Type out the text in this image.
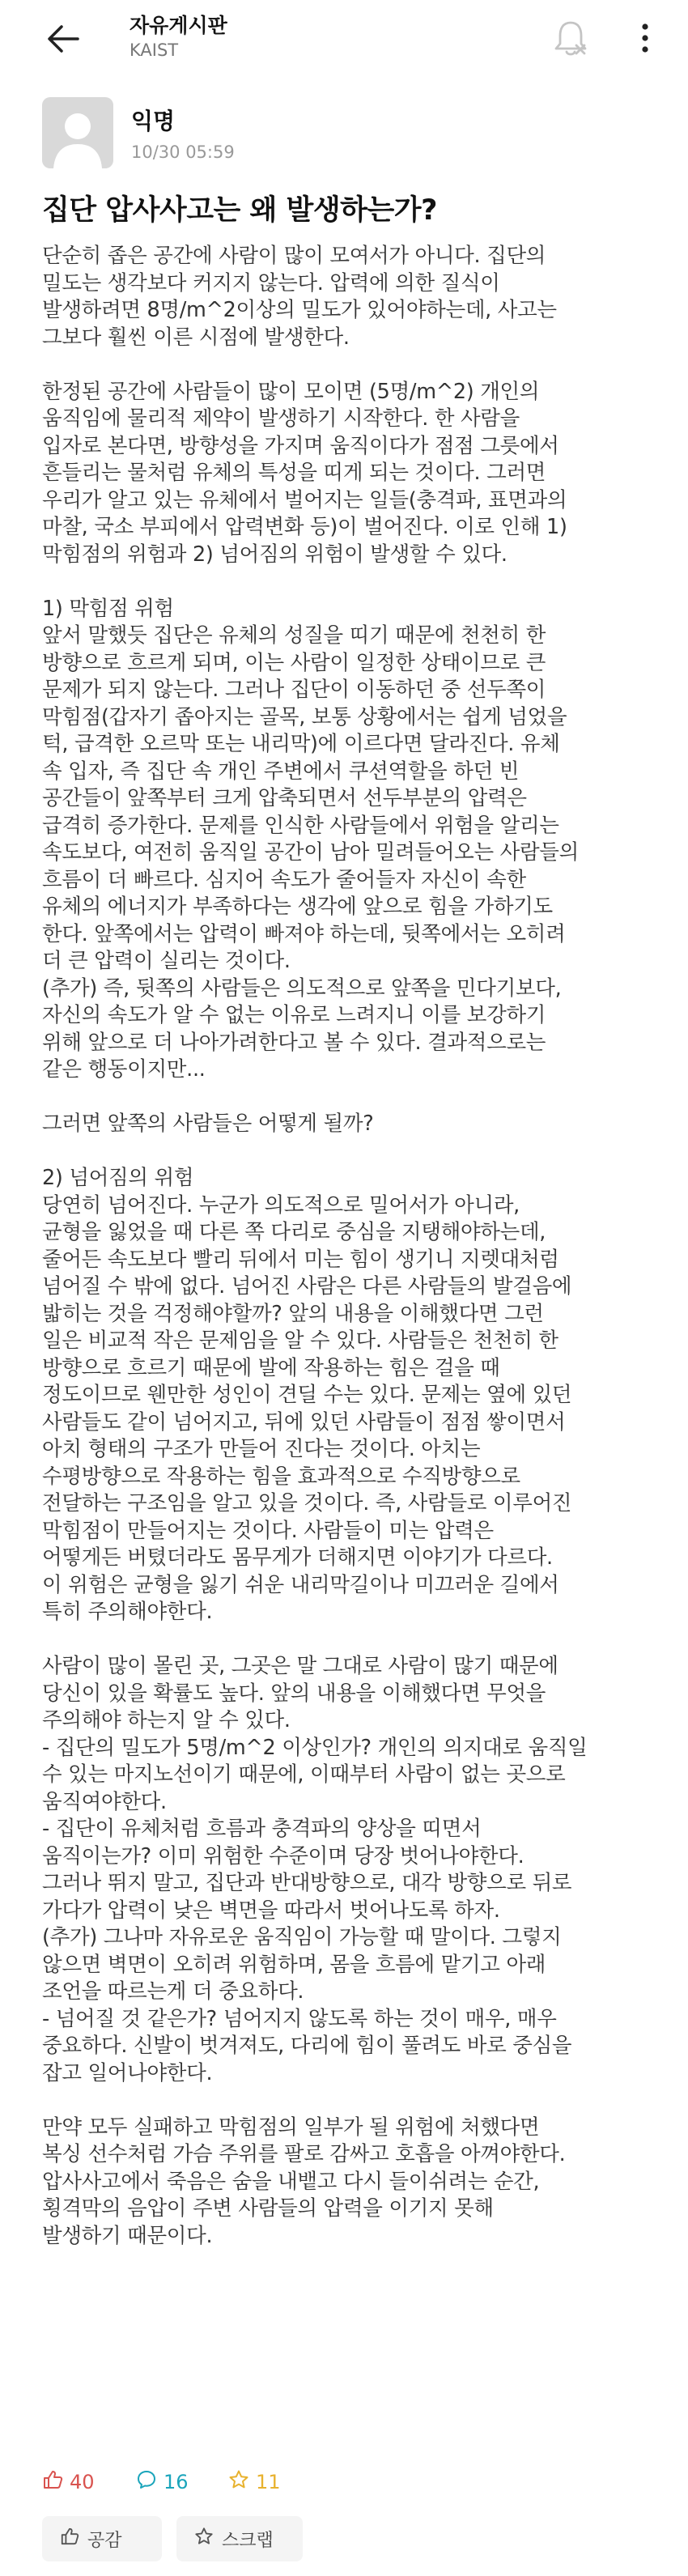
자유게시판
KAIST
익명
10/30 05:59
집단 압사사고는 왜 발생하는가?
단순히 좁은 공간에 사람이 많이 모여서가 아니다. 집단의
밀도는 생각보다 커지지 않는다. 압력에 의한 질식이
발생하려면 8명/m^2이상의 밀도가 있어야하는데, 사고는
그보다 훨씬 이른 시점에 발생한다.

한정된 공간에 사람들이 많이 모이면 (5명/m^2) 개인의
움직임에 물리적 제약이 발생하기 시작한다. 한 사람을
입자로 본다면, 방향성을 가지며 움직이다가 점점 그릇에서
흔들리는 물처럼 유체의 특성을 띠게 되는 것이다. 그러면
우리가 알고 있는 유체에서 벌어지는 일들(충격파, 표면과의
마찰, 국소 부피에서 압력변화 등)이 벌어진다. 이로 인해 1)
막힘점의 위험과 2) 넘어짐의 위험이 발생할 수 있다.

1) 막힘점 위험
앞서 말했듯 집단은 유체의 성질을 띠기 때문에 천천히 한
방향으로 흐르게 되며, 이는 사람이 일정한 상태이므로 큰
문제가 되지 않는다. 그러나 집단이 이동하던 중 선두쪽이
막힘점(갑자기 좁아지는 골목, 보통 상황에서는 쉽게 넘었을
턱, 급격한 오르막 또는 내리막)에 이르다면 달라진다. 유체
속 입자, 즉 집단 속 개인 주변에서 쿠션역할을 하던 빈
공간들이 앞쪽부터 크게 압축되면서 선두부분의 압력은
급격히 증가한다. 문제를 인식한 사람들에서 위험을 알리는
속도보다, 여전히 움직일 공간이 남아 밀려들어오는 사람들의
흐름이 더 빠르다. 심지어 속도가 줄어들자 자신이 속한
유체의 에너지가 부족하다는 생각에 앞으로 힘을 가하기도
한다. 앞쪽에서는 압력이 빠져야 하는데, 뒷쪽에서는 오히려
더 큰 압력이 실리는 것이다.
(추가) 즉, 뒷쪽의 사람들은 의도적으로 앞쪽을 민다기보다,
자신의 속도가 알 수 없는 이유로 느려지니 이를 보강하기
위해 앞으로 더 나아가려한다고 볼 수 있다. 결과적으로는
같은 행동이지만...

그러면 앞쪽의 사람들은 어떻게 될까?

2) 넘어짐의 위험
당연히 넘어진다. 누군가 의도적으로 밀어서가 아니라,
균형을 잃었을 때 다른 쪽 다리로 중심을 지탱해야하는데,
줄어든 속도보다 빨리 뒤에서 미는 힘이 생기니 지렛대처럼
넘어질 수 밖에 없다. 넘어진 사람은 다른 사람들의 발걸음에
밟히는 것을 걱정해야할까? 앞의 내용을 이해했다면 그런
일은 비교적 작은 문제임을 알 수 있다. 사람들은 천천히 한
방향으로 흐르기 때문에 발에 작용하는 힘은 걸을 때
정도이므로 웬만한 성인이 견딜 수는 있다. 문제는 옆에 있던
사람들도 같이 넘어지고, 뒤에 있던 사람들이 점점 쌓이면서
아치 형태의 구조가 만들어 진다는 것이다. 아치는
수평방향으로 작용하는 힘을 효과적으로 수직방향으로
전달하는 구조임을 알고 있을 것이다. 즉, 사람들로 이루어진
막힘점이 만들어지는 것이다. 사람들이 미는 압력은
어떻게든 버텼더라도 몸무게가 더해지면 이야기가 다르다.
이 위험은 균형을 잃기 쉬운 내리막길이나 미끄러운 길에서
특히 주의해야한다.

사람이 많이 몰린 곳, 그곳은 말 그대로 사람이 많기 때문에
당신이 있을 확률도 높다. 앞의 내용을 이해했다면 무엇을
주의해야 하는지 알 수 있다.
- 집단의 밀도가 5명/m^2 이상인가? 개인의 의지대로 움직일
수 있는 마지노선이기 때문에, 이때부터 사람이 없는 곳으로
움직여야한다.
- 집단이 유체처럼 흐름과 충격파의 양상을 띠면서
움직이는가? 이미 위험한 수준이며 당장 벗어나야한다.
그러나 뛰지 말고, 집단과 반대방향으로, 대각 방향으로 뒤로
가다가 압력이 낮은 벽면을 따라서 벗어나도록 하자.
(추가) 그나마 자유로운 움직임이 가능할 때 말이다. 그렇지
않으면 벽면이 오히려 위험하며, 몸을 흐름에 맡기고 아래
조언을 따르는게 더 중요하다.
- 넘어질 것 같은가? 넘어지지 않도록 하는 것이 매우, 매우
중요하다. 신발이 벗겨져도, 다리에 힘이 풀려도 바로 중심을
잡고 일어나야한다.

만약 모두 실패하고 막힘점의 일부가 될 위험에 처했다면
복싱 선수처럼 가슴 주위를 팔로 감싸고 호흡을 아껴야한다.
압사사고에서 죽음은 숨을 내뱉고 다시 들이쉬려는 순간,
횡격막의 음압이 주변 사람들의 압력을 이기지 못해
발생하기 때문이다.
40	16	11
공감	스크랩
